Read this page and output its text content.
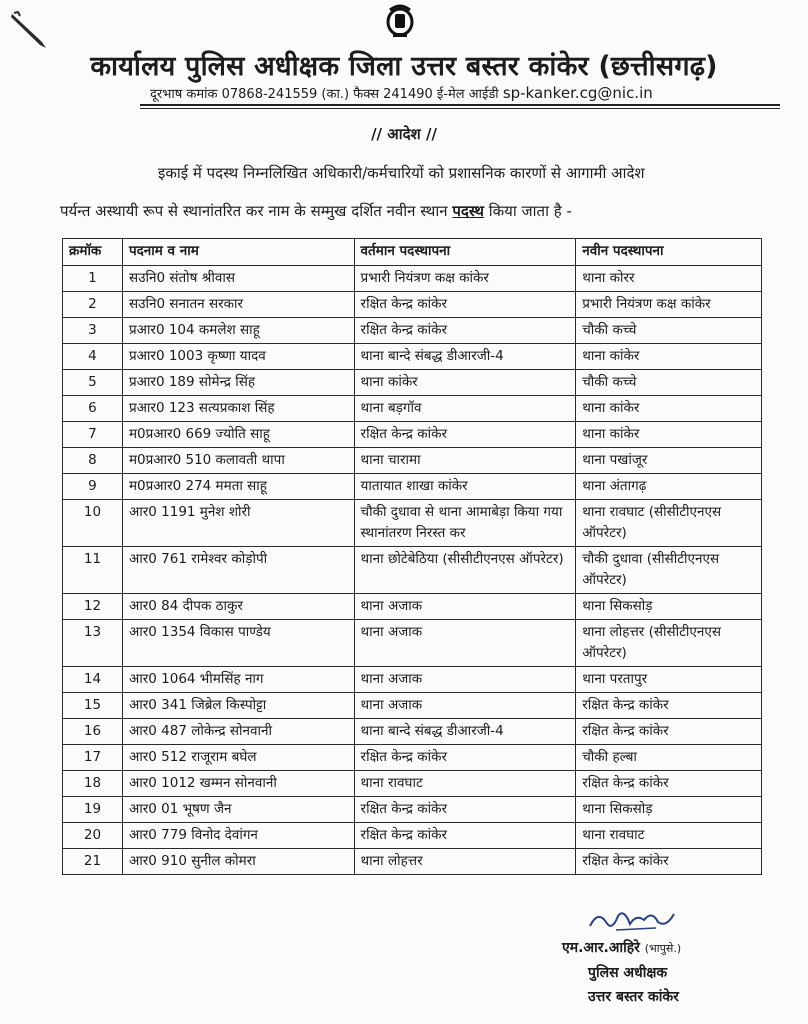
कार्यालय पुलिस अधीक्षक जिला उत्तर बस्तर कांकेर (छत्तीसगढ़)
दूरभाष कमांक 07868-241559 (का.) फैक्स 241490 ई-मेल आईडी sp-kanker.cg@nic.in
// आदेश //
इकाई में पदस्थ निम्नलिखित अधिकारी/कर्मचारियों को प्रशासनिक कारणों से आगामी आदेश
पर्यन्त अस्थायी रूप से स्थानांतरित कर नाम के सम्मुख दर्शित नवीन स्थान पदस्थ किया जाता है -
क्रमॉक	पदनाम व नाम	वर्तमान पदस्थापना	नवीन पदस्थापना
1	सउनि0 संतोष श्रीवास	प्रभारी नियंत्रण कक्ष कांकेर	थाना कोरर
2	सउनि0 सनातन सरकार	रक्षित केन्द्र कांकेर	प्रभारी नियंत्रण कक्ष कांकेर
3	प्रआर0 104 कमलेश साहू	रक्षित केन्द्र कांकेर	चौकी कच्चे
4	प्रआर0 1003 कृष्णा यादव	थाना बान्दे संबद्ध डीआरजी-4	थाना कांकेर
5	प्रआर0 189 सोमेन्द्र सिंह	थाना कांकेर	चौकी कच्चे
6	प्रआर0 123 सत्यप्रकाश सिंह	थाना बड़गॉव	थाना कांकेर
7	म0प्रआर0 669 ज्योति साहू	रक्षित केन्द्र कांकेर	थाना कांकेर
8	म0प्रआर0 510 कलावती थापा	थाना चारामा	थाना पखांजूर
9	म0प्रआर0 274 ममता साहू	यातायात शाखा कांकेर	थाना अंतागढ़
10	आर0 1191 मुनेश शोरी	चौकी दुधावा से थाना आमाबेड़ा किया गया स्थानांतरण निरस्त कर	थाना रावघाट (सीसीटीएनएस ऑपरेटर)
11	आर0 761 रामेश्वर कोड़ोपी	थाना छोटेबेठिया (सीसीटीएनएस ऑपरेटर)	चौकी दुधावा (सीसीटीएनएस ऑपरेटर)
12	आर0 84 दीपक ठाकुर	थाना अजाक	थाना सिकसोड़
13	आर0 1354 विकास पाण्डेय	थाना अजाक	थाना लोहत्तर (सीसीटीएनएस ऑपरेटर)
14	आर0 1064 भीमसिंह नाग	थाना अजाक	थाना परतापुर
15	आर0 341 जिब्रेल किस्पोट्टा	थाना अजाक	रक्षित केन्द्र कांकेर
16	आर0 487 लोकेन्द्र सोनवानी	थाना बान्दे संबद्ध डीआरजी-4	रक्षित केन्द्र कांकेर
17	आर0 512 राजूराम बघेल	रक्षित केन्द्र कांकेर	चौकी हल्बा
18	आर0 1012 खम्मन सोनवानी	थाना रावघाट	रक्षित केन्द्र कांकेर
19	आर0 01 भूषण जैन	रक्षित केन्द्र कांकेर	थाना सिकसोड़
20	आर0 779 विनोद देवांगन	रक्षित केन्द्र कांकेर	थाना रावघाट
21	आर0 910 सुनील कोमरा	थाना लोहत्तर	रक्षित केन्द्र कांकेर
एम.आर.आहिरे (भापुसे.)
पुलिस अधीक्षक
उत्तर बस्तर कांकेर
